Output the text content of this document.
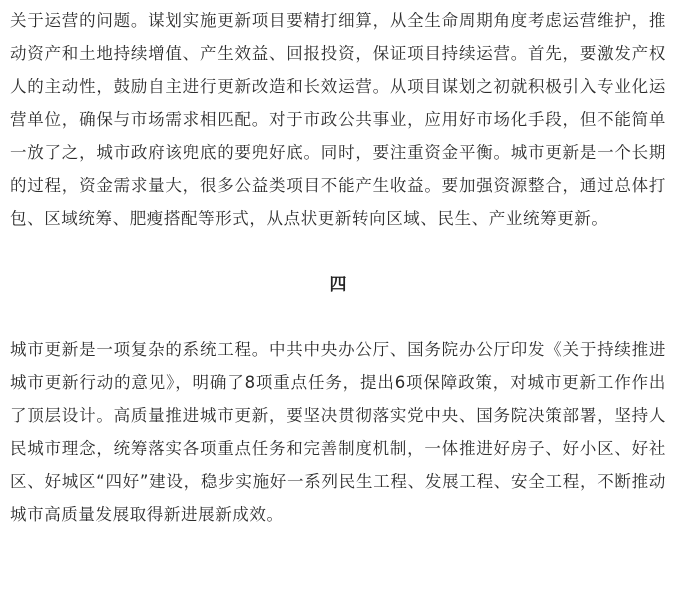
关于运营的问题。谋划实施更新项目要精打细算，从全生命周期角度考虑运营维护，推动资产和土地持续增值、产生效益、回报投资，保证项目持续运营。首先，要激发产权人的主动性，鼓励自主进行更新改造和长效运营。从项目谋划之初就积极引入专业化运营单位，确保与市场需求相匹配。对于市政公共事业，应用好市场化手段，但不能简单一放了之，城市政府该兜底的要兜好底。同时，要注重资金平衡。城市更新是一个长期的过程，资金需求量大，很多公益类项目不能产生收益。要加强资源整合，通过总体打包、区域统筹、肥瘦搭配等形式，从点状更新转向区域、民生、产业统筹更新。

四

城市更新是一项复杂的系统工程。中共中央办公厅、国务院办公厅印发《关于持续推进城市更新行动的意见》，明确了8项重点任务，提出6项保障政策，对城市更新工作作出了顶层设计。高质量推进城市更新，要坚决贯彻落实党中央、国务院决策部署，坚持人民城市理念，统筹落实各项重点任务和完善制度机制，一体推进好房子、好小区、好社区、好城区“四好”建设，稳步实施好一系列民生工程、发展工程、安全工程，不断推动城市高质量发展取得新进展新成效。
